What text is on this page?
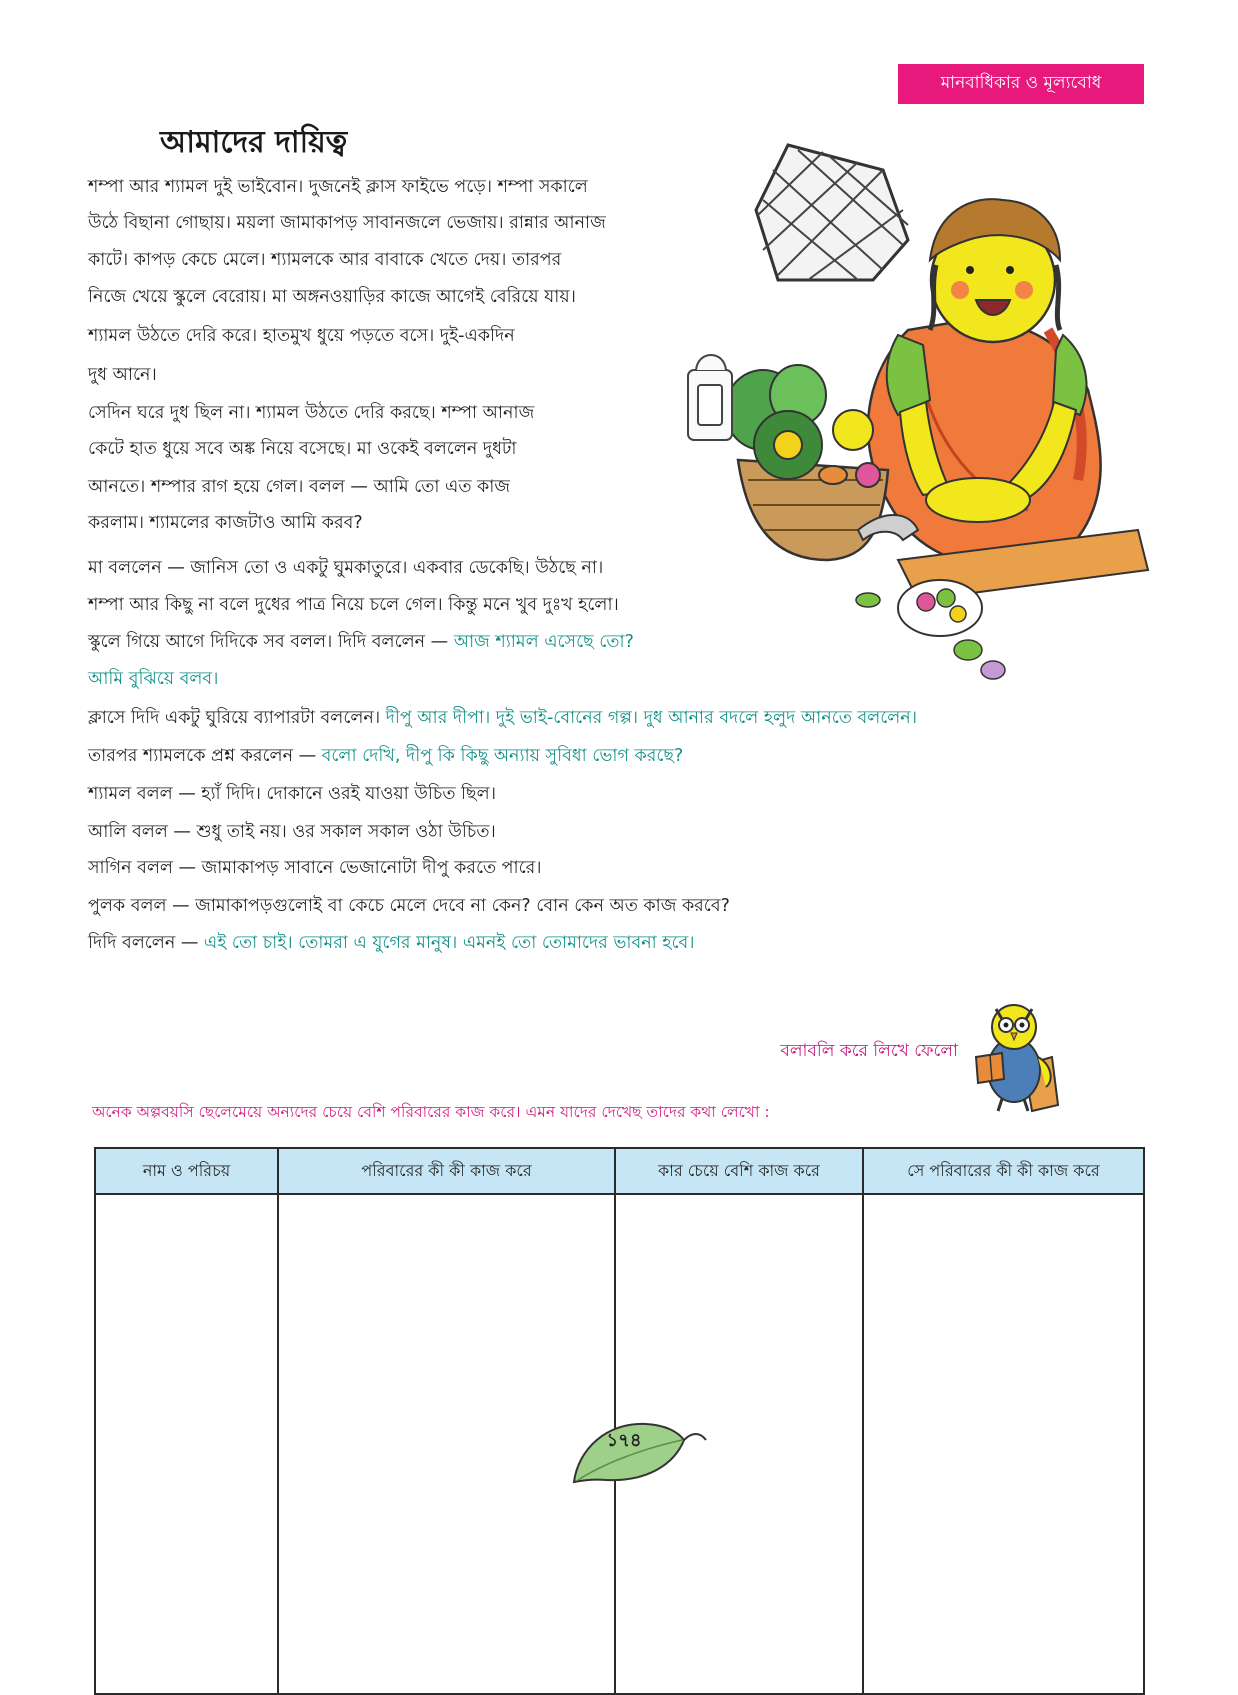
মানবাধিকার ও মূল্যবোধ
আমাদের দায়িত্ব
শম্পা আর শ্যামল দুই ভাইবোন। দুজনেই ক্লাস ফাইভে পড়ে। শম্পা সকালে
উঠে বিছানা গোছায়। ময়লা জামাকাপড় সাবানজলে ভেজায়। রান্নার আনাজ
কাটে। কাপড় কেচে মেলে। শ্যামলকে আর বাবাকে খেতে দেয়। তারপর
নিজে খেয়ে স্কুলে বেরোয়। মা অঙ্গনওয়াড়ির কাজে আগেই বেরিয়ে যায়।
শ্যামল উঠতে দেরি করে। হাতমুখ ধুয়ে পড়তে বসে। দুই-একদিন
দুধ আনে।
সেদিন ঘরে দুধ ছিল না। শ্যামল উঠতে দেরি করছে। শম্পা আনাজ
কেটে হাত ধুয়ে সবে অঙ্ক নিয়ে বসেছে। মা ওকেই বললেন দুধটা
আনতে। শম্পার রাগ হয়ে গেল। বলল — আমি তো এত কাজ
করলাম। শ্যামলের কাজটাও আমি করব?
মা বললেন — জানিস তো ও একটু ঘুমকাতুরে। একবার ডেকেছি। উঠছে না।
শম্পা আর কিছু না বলে দুধের পাত্র নিয়ে চলে গেল। কিন্তু মনে খুব দুঃখ হলো।
স্কুলে গিয়ে আগে দিদিকে সব বলল। দিদি বললেন — আজ শ্যামল এসেছে তো?
আমি বুঝিয়ে বলব।
ক্লাসে দিদি একটু ঘুরিয়ে ব্যাপারটা বললেন। দীপু আর দীপা। দুই ভাই-বোনের গল্প। দুধ আনার বদলে হলুদ আনতে বললেন।
তারপর শ্যামলকে প্রশ্ন করলেন — বলো দেখি, দীপু কি কিছু অন্যায় সুবিধা ভোগ করছে?
শ্যামল বলল — হ্যাঁ দিদি। দোকানে ওরই যাওয়া উচিত ছিল।
আলি বলল — শুধু তাই নয়। ওর সকাল সকাল ওঠা উচিত।
সাগিন বলল — জামাকাপড় সাবানে ভেজানোটা দীপু করতে পারে।
পুলক বলল — জামাকাপড়গুলোই বা কেচে মেলে দেবে না কেন? বোন কেন অত কাজ করবে?
দিদি বললেন — এই তো চাই। তোমরা এ যুগের মানুষ। এমনই তো তোমাদের ভাবনা হবে।
বলাবলি করে লিখে ফেলো
অনেক অল্পবয়সি ছেলেমেয়ে অন্যদের চেয়ে বেশি পরিবারের কাজ করে। এমন যাদের দেখেছ তাদের কথা লেখো :
নাম ও পরিচয়	পরিবারের কী কী কাজ করে	কার চেয়ে বেশি কাজ করে	সে পরিবারের কী কী কাজ করে

১৭৪
